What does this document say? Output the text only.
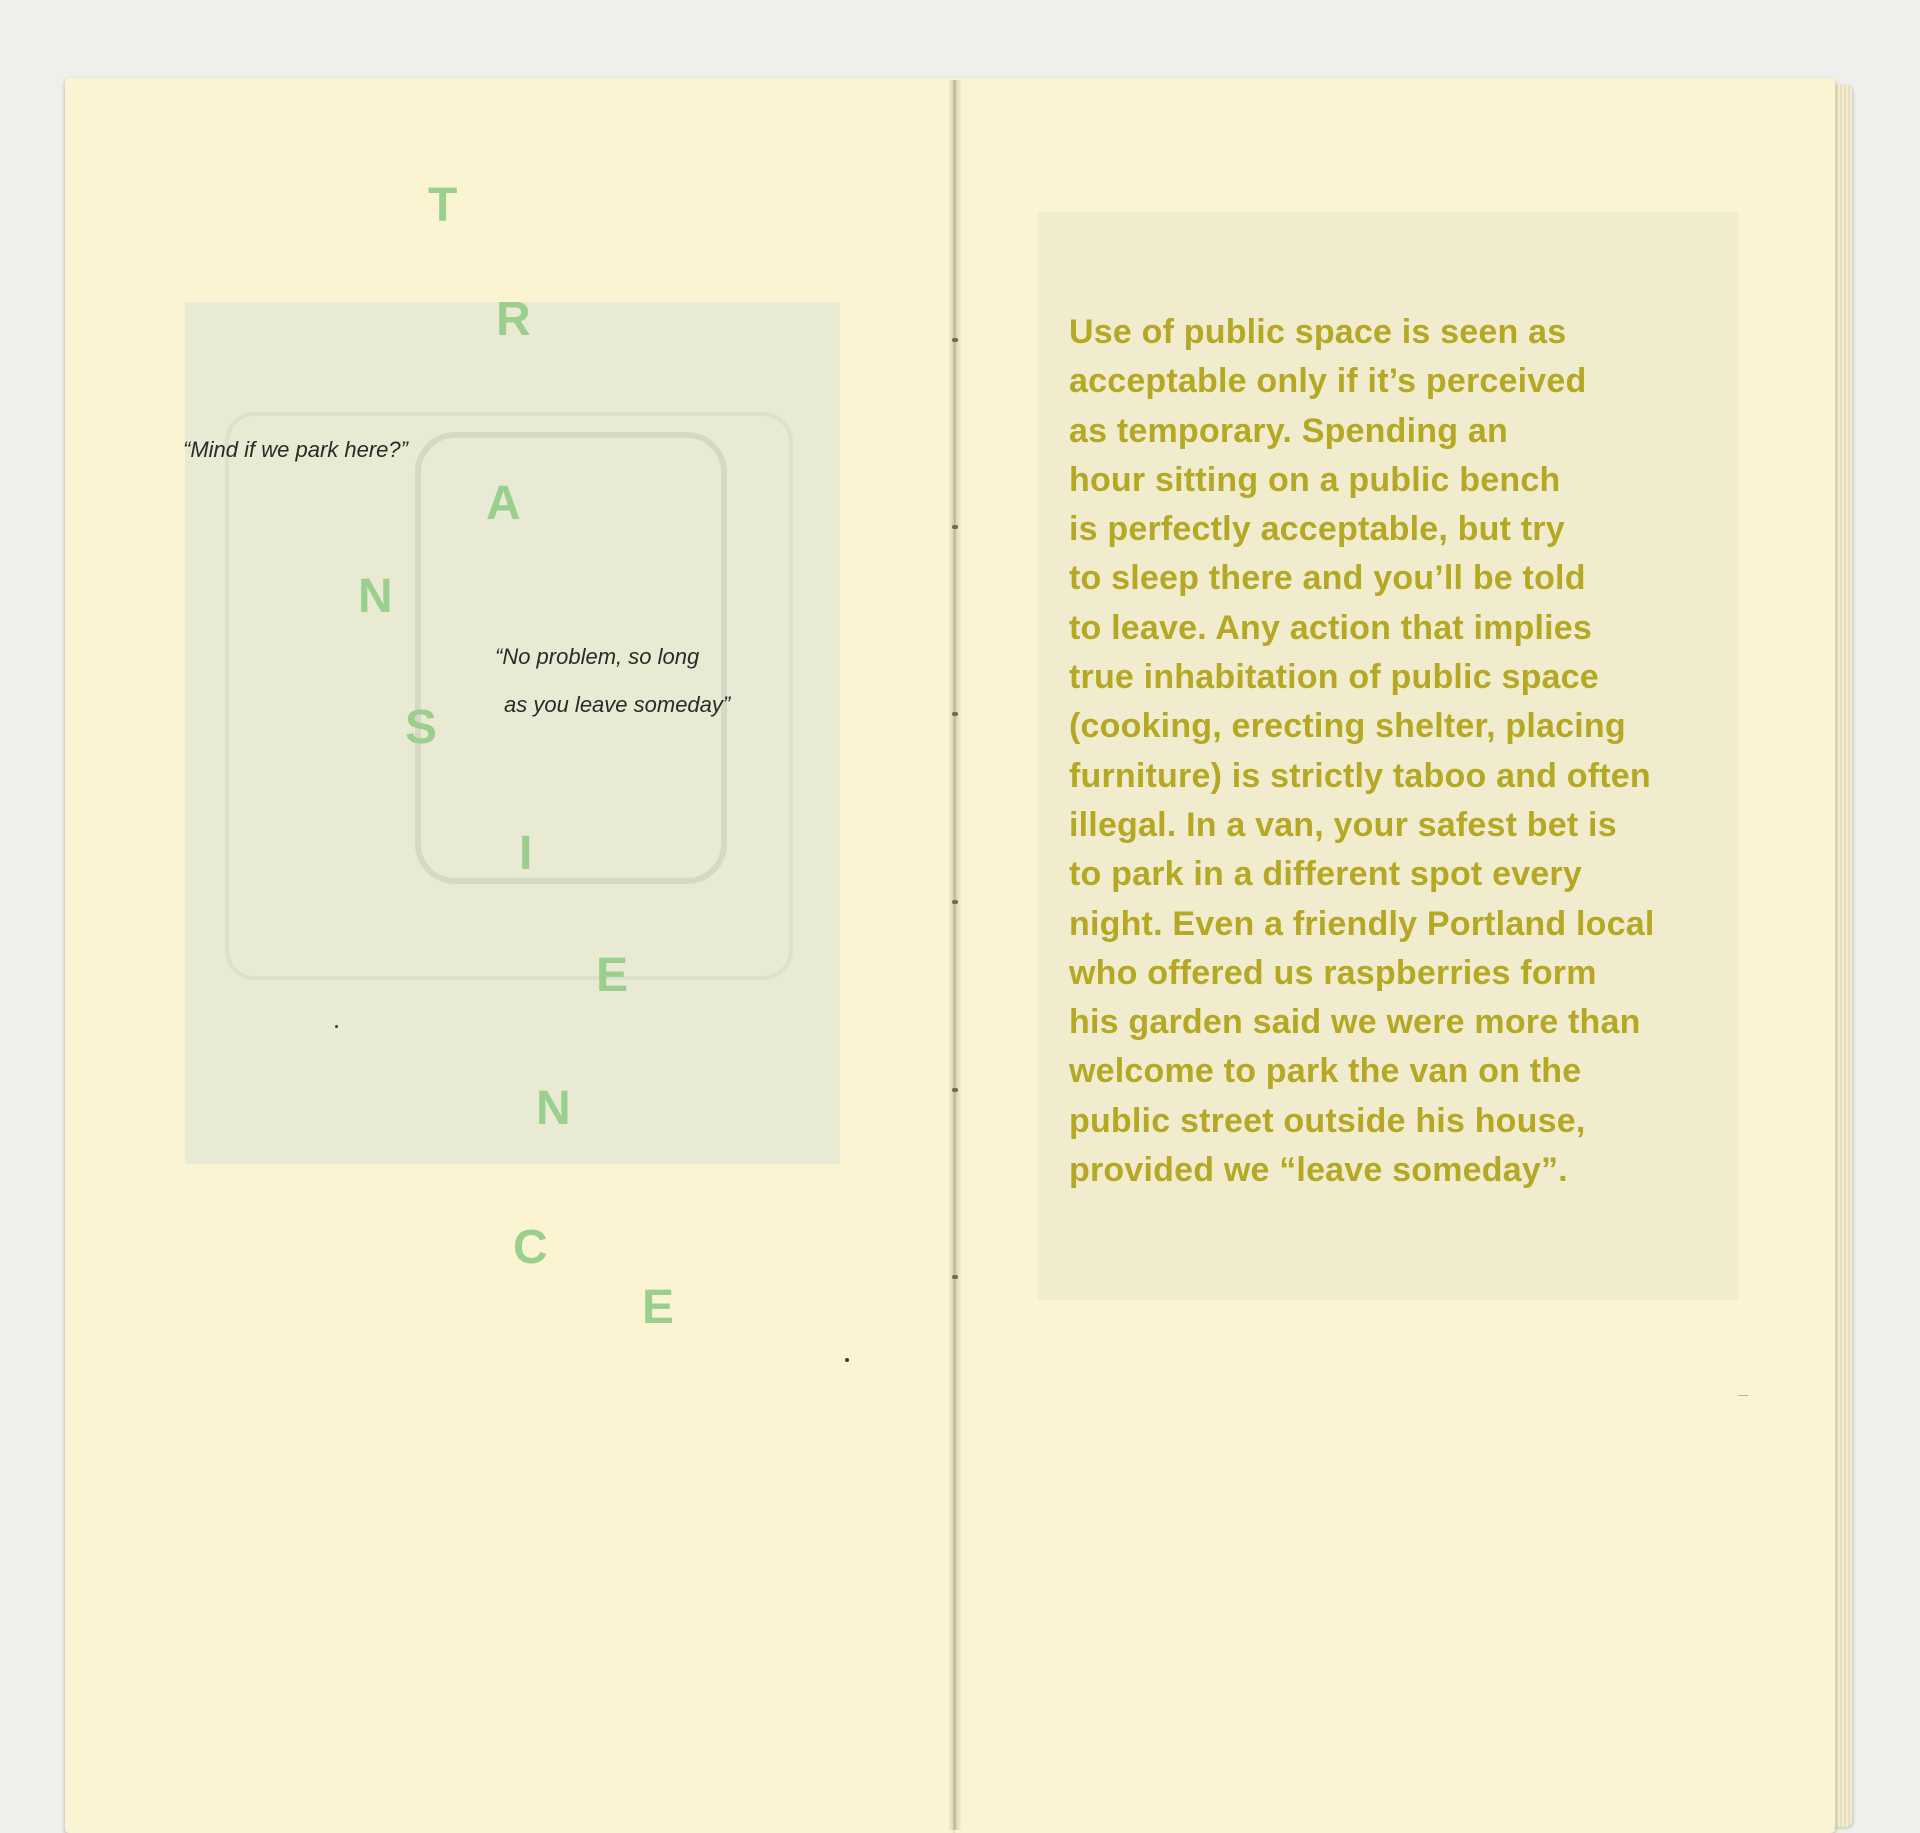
T
R
A
N
S
I
E
N
C
E
“Mind if we park here?”
“No problem, so long
as you leave someday”
Use of public space is seen as
acceptable only if it’s perceived
as temporary. Spending an
hour sitting on a public bench
is perfectly acceptable, but try
to sleep there and you’ll be told
to leave. Any action that implies
true inhabitation of public space
(cooking, erecting shelter, placing
furniture) is strictly taboo and often
illegal. In a van, your safest bet is
to park in a different spot every
night. Even a friendly Portland local
who offered us raspberries form
his garden said we were more than
welcome to park the van on the
public street outside his house,
provided we “leave someday”.
